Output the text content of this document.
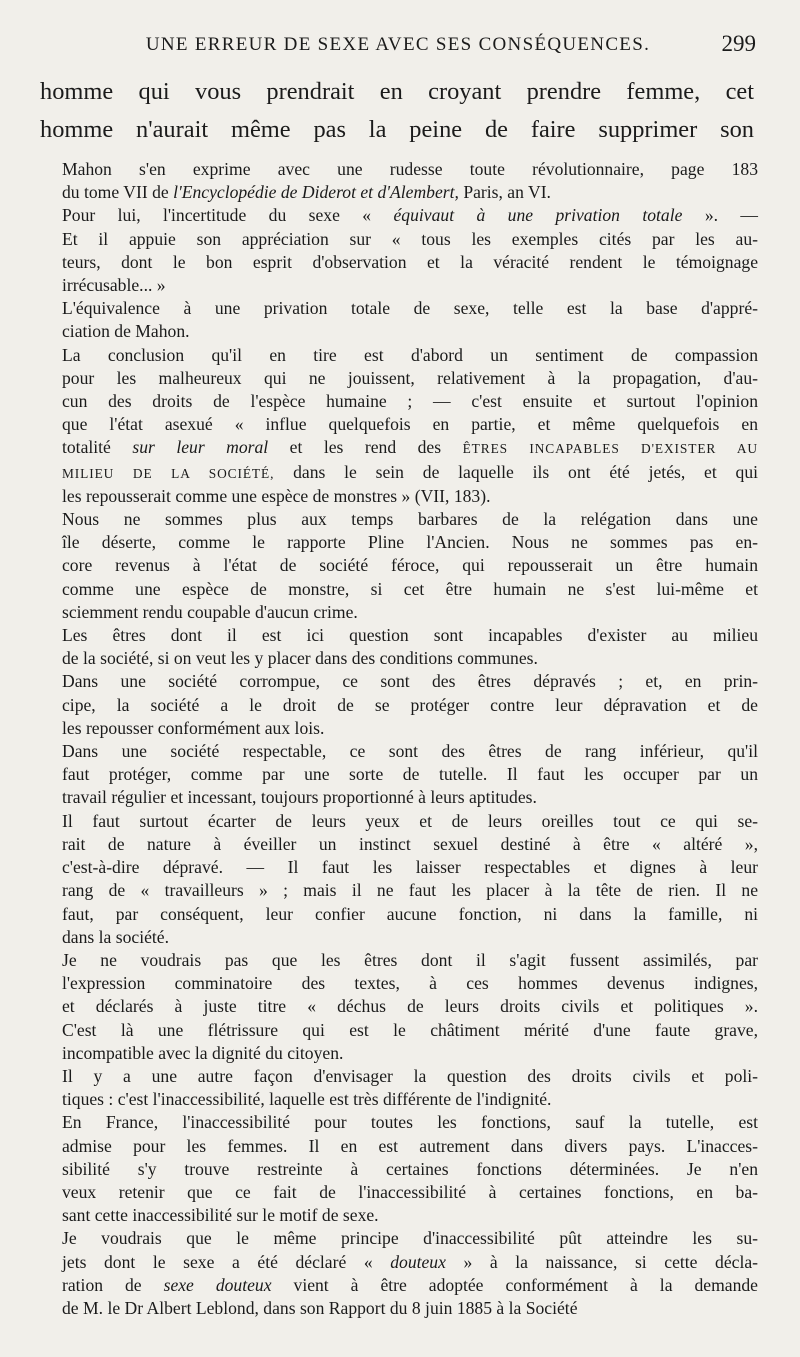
UNE ERREUR DE SEXE AVEC SES CONSÉQUENCES.	299
homme qui vous prendrait en croyant prendre femme, cet
homme n'aurait même pas la peine de faire supprimer son

Mahon s'en exprime avec une rudesse toute révolutionnaire, page 183
du tome VII de l'Encyclopédie de Diderot et d'Alembert, Paris, an VI.

Pour lui, l'incertitude du sexe « équivaut à une privation totale ». —
Et il appuie son appréciation sur « tous les exemples cités par les au-
teurs, dont le bon esprit d'observation et la véracité rendent le témoignage
irrécusable... »

L'équivalence à une privation totale de sexe, telle est la base d'appré-
ciation de Mahon.

La conclusion qu'il en tire est d'abord un sentiment de compassion
pour les malheureux qui ne jouissent, relativement à la propagation, d'au-
cun des droits de l'espèce humaine ; — c'est ensuite et surtout l'opinion
que l'état asexué « influe quelquefois en partie, et même quelquefois en
totalité sur leur moral et les rend des ÊTRES INCAPABLES D'EXISTER AU
MILIEU DE LA SOCIÉTÉ, dans le sein de laquelle ils ont été jetés, et qui
les repousserait comme une espèce de monstres » (VII, 183).

Nous ne sommes plus aux temps barbares de la relégation dans une
île déserte, comme le rapporte Pline l'Ancien. Nous ne sommes pas en-
core revenus à l'état de société féroce, qui repousserait un être humain
comme une espèce de monstre, si cet être humain ne s'est lui-même et
sciemment rendu coupable d'aucun crime.

Les êtres dont il est ici question sont incapables d'exister au milieu
de la société, si on veut les y placer dans des conditions communes.

Dans une société corrompue, ce sont des êtres dépravés ; et, en prin-
cipe, la société a le droit de se protéger contre leur dépravation et de
les repousser conformément aux lois.

Dans une société respectable, ce sont des êtres de rang inférieur, qu'il
faut protéger, comme par une sorte de tutelle. Il faut les occuper par un
travail régulier et incessant, toujours proportionné à leurs aptitudes.

Il faut surtout écarter de leurs yeux et de leurs oreilles tout ce qui se-
rait de nature à éveiller un instinct sexuel destiné à être « altéré »,
c'est-à-dire dépravé. — Il faut les laisser respectables et dignes à leur
rang de « travailleurs » ; mais il ne faut les placer à la tête de rien. Il ne
faut, par conséquent, leur confier aucune fonction, ni dans la famille, ni
dans la société.

Je ne voudrais pas que les êtres dont il s'agit fussent assimilés, par
l'expression comminatoire des textes, à ces hommes devenus indignes,
et déclarés à juste titre « déchus de leurs droits civils et politiques ».
C'est là une flétrissure qui est le châtiment mérité d'une faute grave,
incompatible avec la dignité du citoyen.

Il y a une autre façon d'envisager la question des droits civils et poli-
tiques : c'est l'inaccessibilité, laquelle est très différente de l'indignité.

En France, l'inaccessibilité pour toutes les fonctions, sauf la tutelle, est
admise pour les femmes. Il en est autrement dans divers pays. L'inacces-
sibilité s'y trouve restreinte à certaines fonctions déterminées. Je n'en
veux retenir que ce fait de l'inaccessibilité à certaines fonctions, en ba-
sant cette inaccessibilité sur le motif de sexe.

Je voudrais que le même principe d'inaccessibilité pût atteindre les su-
jets dont le sexe a été déclaré « douteux » à la naissance, si cette décla-
ration de sexe douteux vient à être adoptée conformément à la demande
de M. le Dr Albert Leblond, dans son Rapport du 8 juin 1885 à la Société
